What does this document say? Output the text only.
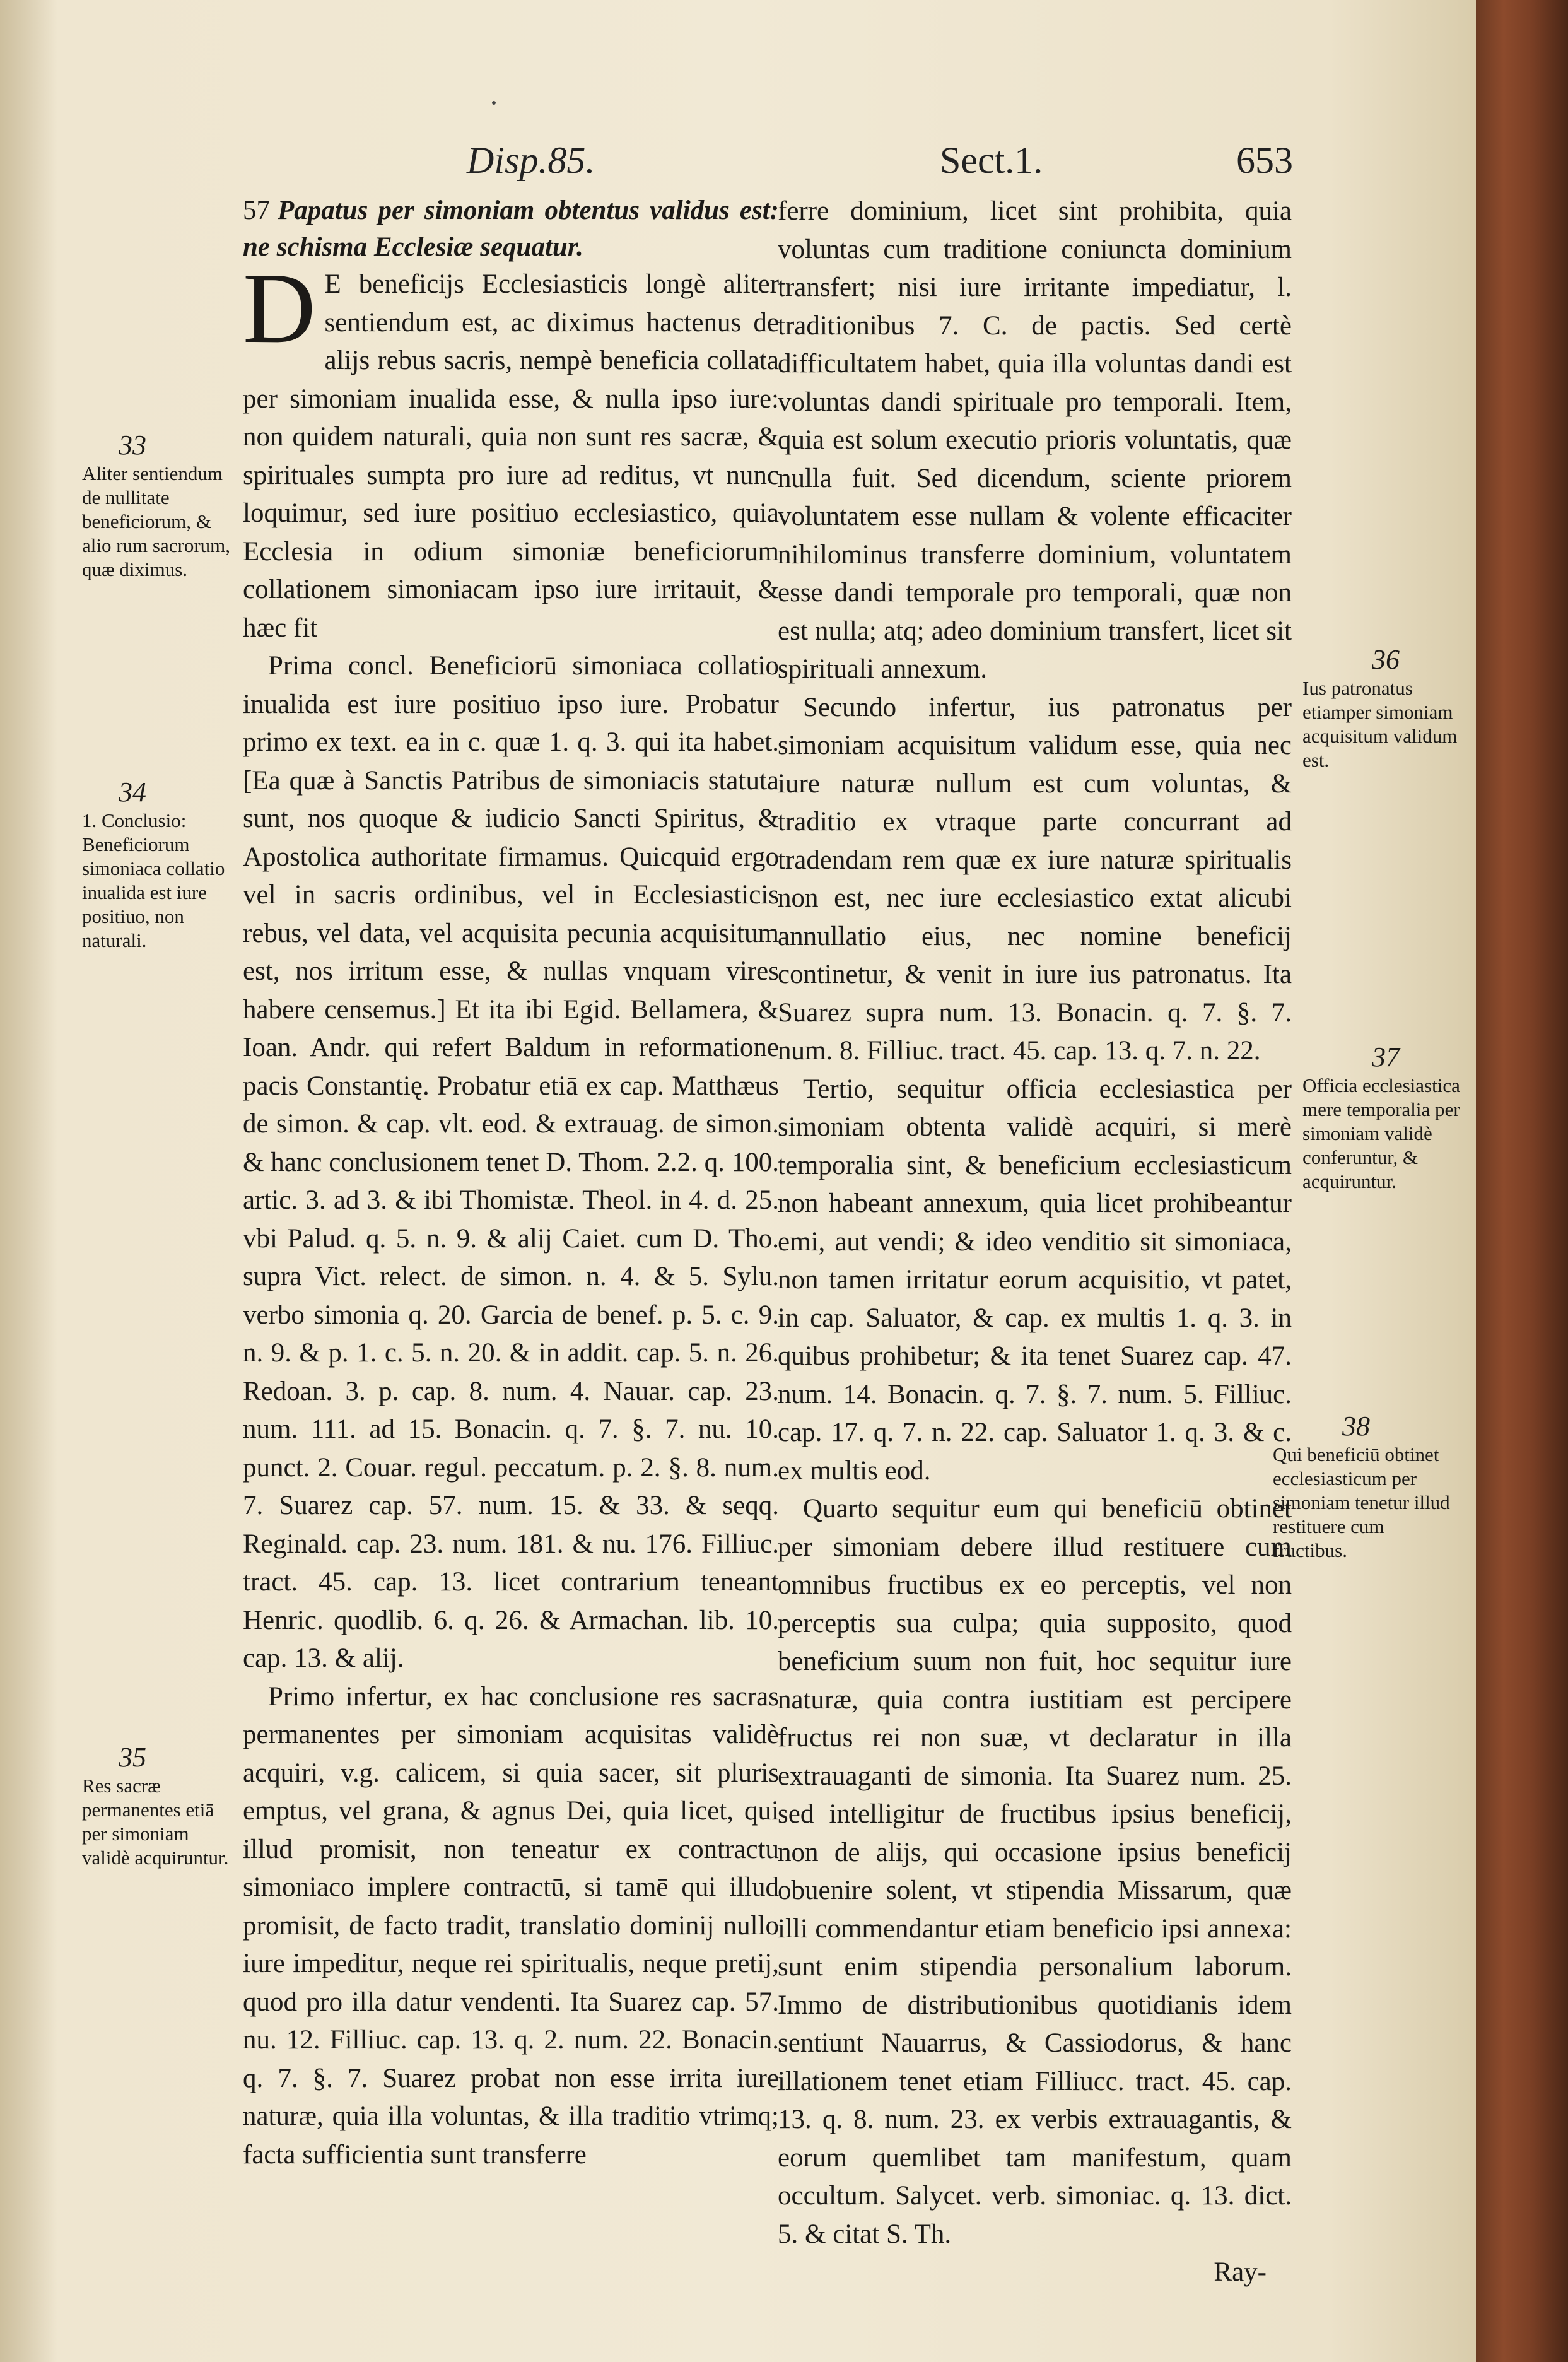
Disp.85.	Sect.1.	653

57 Papatus per simoniam obtentus validus est: ne schisma Ecclesiæ sequatur.

D E beneficijs Ecclesiasticis longè aliter sentiendum est, ac diximus hactenus de alijs rebus sacris, nempè beneficia collata per simoniam inualida esse, & nulla ipso iure: non quidem naturali, quia non sunt res sacræ, & spirituales sumpta pro iure ad reditus, vt nunc loquimur, sed iure positiuo ecclesiastico, quia Ecclesia in odium simoniæ beneficiorum collationem simoniacam ipso iure irritauit, & hæc fit

Prima concl. Beneficiorū simoniaca collatio inualida est iure positiuo ipso iure. Probatur primo ex text. ea in c. quæ 1. q. 3. qui ita habet. [Ea quæ à Sanctis Patribus de simoniacis statuta sunt, nos quoque & iudicio Sancti Spiritus, & Apostolica authoritate firmamus. Quicquid ergo vel in sacris ordinibus, vel in Ecclesiasticis rebus, vel data, vel acquisita pecunia acquisitum est, nos irritum esse, & nullas vnquam vires habere censemus.] Et ita ibi Egid. Bellamera, & Ioan. Andr. qui refert Baldum in reformatione pacis Constantię. Probatur etiā ex cap. Matthæus de simon. & cap. vlt. eod. & extrauag. de simon. & hanc conclusionem tenet D. Thom. 2.2. q. 100. artic. 3. ad 3. & ibi Thomistæ. Theol. in 4. d. 25. vbi Palud. q. 5. n. 9. & alij Caiet. cum D. Tho. supra Vict. relect. de simon. n. 4. & 5. Sylu. verbo simonia q. 20. Garcia de benef. p. 5. c. 9. n. 9. & p. 1. c. 5. n. 20. & in addit. cap. 5. n. 26. Redoan. 3. p. cap. 8. num. 4. Nauar. cap. 23. num. 111. ad 15. Bonacin. q. 7. §. 7. nu. 10. punct. 2. Couar. regul. peccatum. p. 2. §. 8. num. 7. Suarez cap. 57. num. 15. & 33. & seqq. Reginald. cap. 23. num. 181. & nu. 176. Filliuc. tract. 45. cap. 13. licet contrarium teneant Henric. quodlib. 6. q. 26. & Armachan. lib. 10. cap. 13. & alij.

Primo infertur, ex hac conclusione res sacras permanentes per simoniam acquisitas validè acquiri, v.g. calicem, si quia sacer, sit pluris emptus, vel grana, & agnus Dei, quia licet, qui illud promisit, non teneatur ex contractu simoniaco implere contractū, si tamē qui illud promisit, de facto tradit, translatio dominij nullo iure impeditur, neque rei spiritualis, neque pretij, quod pro illa datur vendenti. Ita Suarez cap. 57. nu. 12. Filliuc. cap. 13. q. 2. num. 22. Bonacin. q. 7. §. 7. Suarez probat non esse irrita iure naturæ, quia illa voluntas, & illa traditio vtrimq; facta sufficientia sunt transferre

ferre dominium, licet sint prohibita, quia voluntas cum traditione coniuncta dominium transfert; nisi iure irritante impediatur, l. traditionibus 7. C. de pactis. Sed certè difficultatem habet, quia illa voluntas dandi est voluntas dandi spirituale pro temporali. Item, quia est solum executio prioris voluntatis, quæ nulla fuit. Sed dicendum, sciente priorem voluntatem esse nullam & volente efficaciter nihilominus transferre dominium, voluntatem esse dandi temporale pro temporali, quæ non est nulla; atq; adeo dominium transfert, licet sit spirituali annexum.

Secundo infertur, ius patronatus per simoniam acquisitum validum esse, quia nec iure naturæ nullum est cum voluntas, & traditio ex vtraque parte concurrant ad tradendam rem quæ ex iure naturæ spiritualis non est, nec iure ecclesiastico extat alicubi annullatio eius, nec nomine beneficij continetur, & venit in iure ius patronatus. Ita Suarez supra num. 13. Bonacin. q. 7. §. 7. num. 8. Filliuc. tract. 45. cap. 13. q. 7. n. 22.

Tertio, sequitur officia ecclesiastica per simoniam obtenta validè acquiri, si merè temporalia sint, & beneficium ecclesiasticum non habeant annexum, quia licet prohibeantur emi, aut vendi; & ideo venditio sit simoniaca, non tamen irritatur eorum acquisitio, vt patet, in cap. Saluator, & cap. ex multis 1. q. 3. in quibus prohibetur; & ita tenet Suarez cap. 47. num. 14. Bonacin. q. 7. §. 7. num. 5. Filliuc. cap. 17. q. 7. n. 22. cap. Saluator 1. q. 3. & c. ex multis eod.

Quarto sequitur eum qui beneficiū obtinet per simoniam debere illud restituere cum omnibus fructibus ex eo perceptis, vel non perceptis sua culpa; quia supposito, quod beneficium suum non fuit, hoc sequitur iure naturæ, quia contra iustitiam est percipere fructus rei non suæ, vt declaratur in illa extrauaganti de simonia. Ita Suarez num. 25. sed intelligitur de fructibus ipsius beneficij, non de alijs, qui occasione ipsius beneficij obuenire solent, vt stipendia Missarum, quæ illi commendantur etiam beneficio ipsi annexa: sunt enim stipendia personalium laborum. Immo de distributionibus quotidianis idem sentiunt Nauarrus, & Cassiodorus, & hanc illationem tenet etiam Filliucc. tract. 45. cap. 13. q. 8. num. 23. ex verbis extrauagantis, & eorum quemlibet tam manifestum, quam occultum. Salycet. verb. simoniac. q. 13. dict. 5. & citat S. Th.

Ray-

33
Aliter sentiendum de nullitate beneficiorum, & alio rum sacrorum, quæ diximus.
34
1. Conclusio: Beneficiorum simoniaca collatio inualida est iure positiuo, non naturali.
35
Res sacræ permanentes etiā per simoniam validè acquiruntur.
36
Ius patronatus etiamper simoniam acquisitum validum est.
37
Officia ecclesiastica mere temporalia per simoniam validè conferuntur, & acquiruntur.
38
Qui beneficiū obtinet ecclesiasticum per simoniam tenetur illud restituere cum fructibus.
